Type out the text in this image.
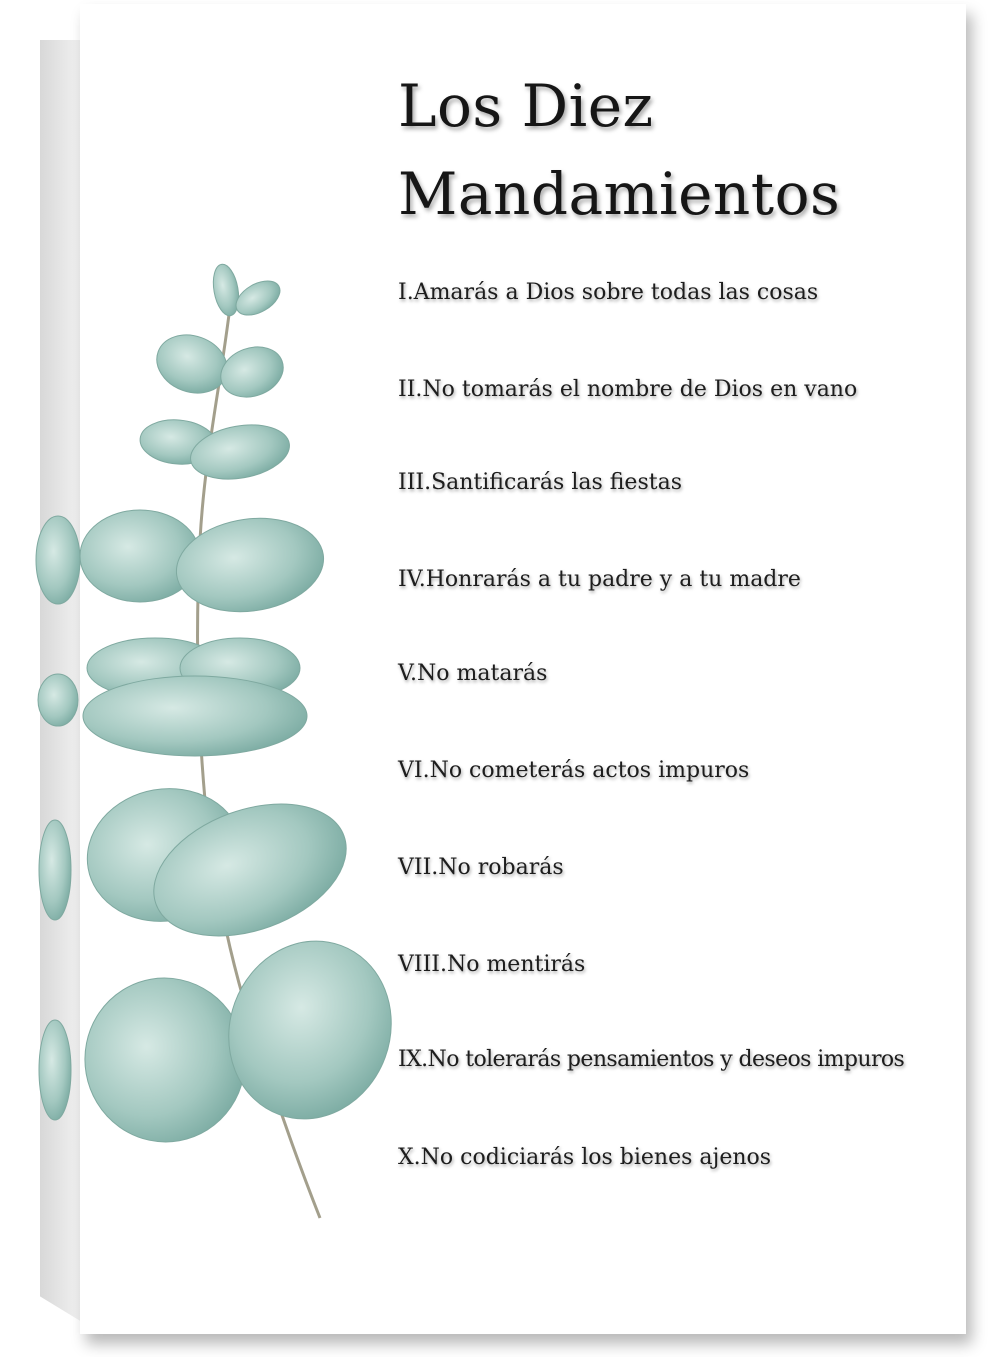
Los Diez
Mandamientos
I.Amarás a Dios sobre todas las cosas
II.No tomarás el nombre de Dios en vano
III.Santificarás las fiestas
IV.Honrarás a tu padre y a tu madre
V.No matarás
VI.No cometerás actos impuros
VII.No robarás
VIII.No mentirás
IX.No tolerarás pensamientos y deseos impuros
X.No codiciarás los bienes ajenos
